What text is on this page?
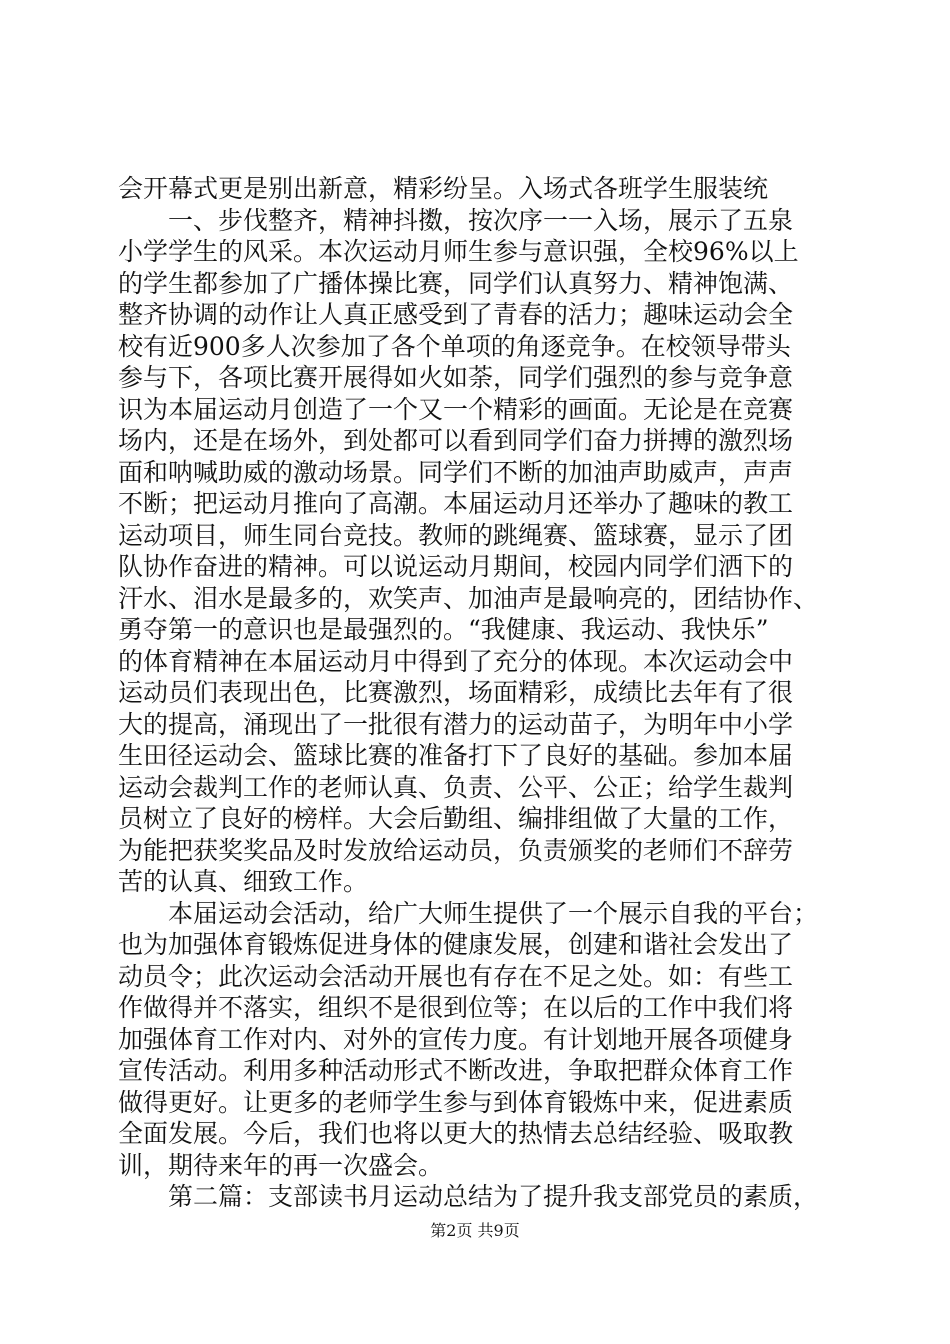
会开幕式更是别出新意，精彩纷呈。入场式各班学生服装统
　　一、步伐整齐，精神抖擞，按次序一一入场，展示了五泉
小学学生的风采。本次运动月师生参与意识强，全校96%以上
的学生都参加了广播体操比赛，同学们认真努力、精神饱满、
整齐协调的动作让人真正感受到了青春的活力；趣味运动会全
校有近900多人次参加了各个单项的角逐竞争。在校领导带头
参与下，各项比赛开展得如火如荼，同学们强烈的参与竞争意
识为本届运动月创造了一个又一个精彩的画面。无论是在竞赛
场内，还是在场外，到处都可以看到同学们奋力拼搏的激烈场
面和呐喊助威的激动场景。同学们不断的加油声助威声，声声
不断；把运动月推向了高潮。本届运动月还举办了趣味的教工
运动项目，师生同台竞技。教师的跳绳赛、篮球赛，显示了团
队协作奋进的精神。可以说运动月期间，校园内同学们洒下的
汗水、泪水是最多的，欢笑声、加油声是最响亮的，团结协作、
勇夺第一的意识也是最强烈的。“我健康、我运动、我快乐”
的体育精神在本届运动月中得到了充分的体现。本次运动会中
运动员们表现出色，比赛激烈，场面精彩，成绩比去年有了很
大的提高，涌现出了一批很有潜力的运动苗子，为明年中小学
生田径运动会、篮球比赛的准备打下了良好的基础。参加本届
运动会裁判工作的老师认真、负责、公平、公正；给学生裁判
员树立了良好的榜样。大会后勤组、编排组做了大量的工作，
为能把获奖奖品及时发放给运动员，负责颁奖的老师们不辞劳
苦的认真、细致工作。
　　本届运动会活动，给广大师生提供了一个展示自我的平台；
也为加强体育锻炼促进身体的健康发展，创建和谐社会发出了
动员令；此次运动会活动开展也有存在不足之处。如：有些工
作做得并不落实，组织不是很到位等；在以后的工作中我们将
加强体育工作对内、对外的宣传力度。有计划地开展各项健身
宣传活动。利用多种活动形式不断改进，争取把群众体育工作
做得更好。让更多的老师学生参与到体育锻炼中来，促进素质
全面发展。今后，我们也将以更大的热情去总结经验、吸取教
训，期待来年的再一次盛会。
　　第二篇：支部读书月运动总结为了提升我支部党员的素质，
第2页 共9页
